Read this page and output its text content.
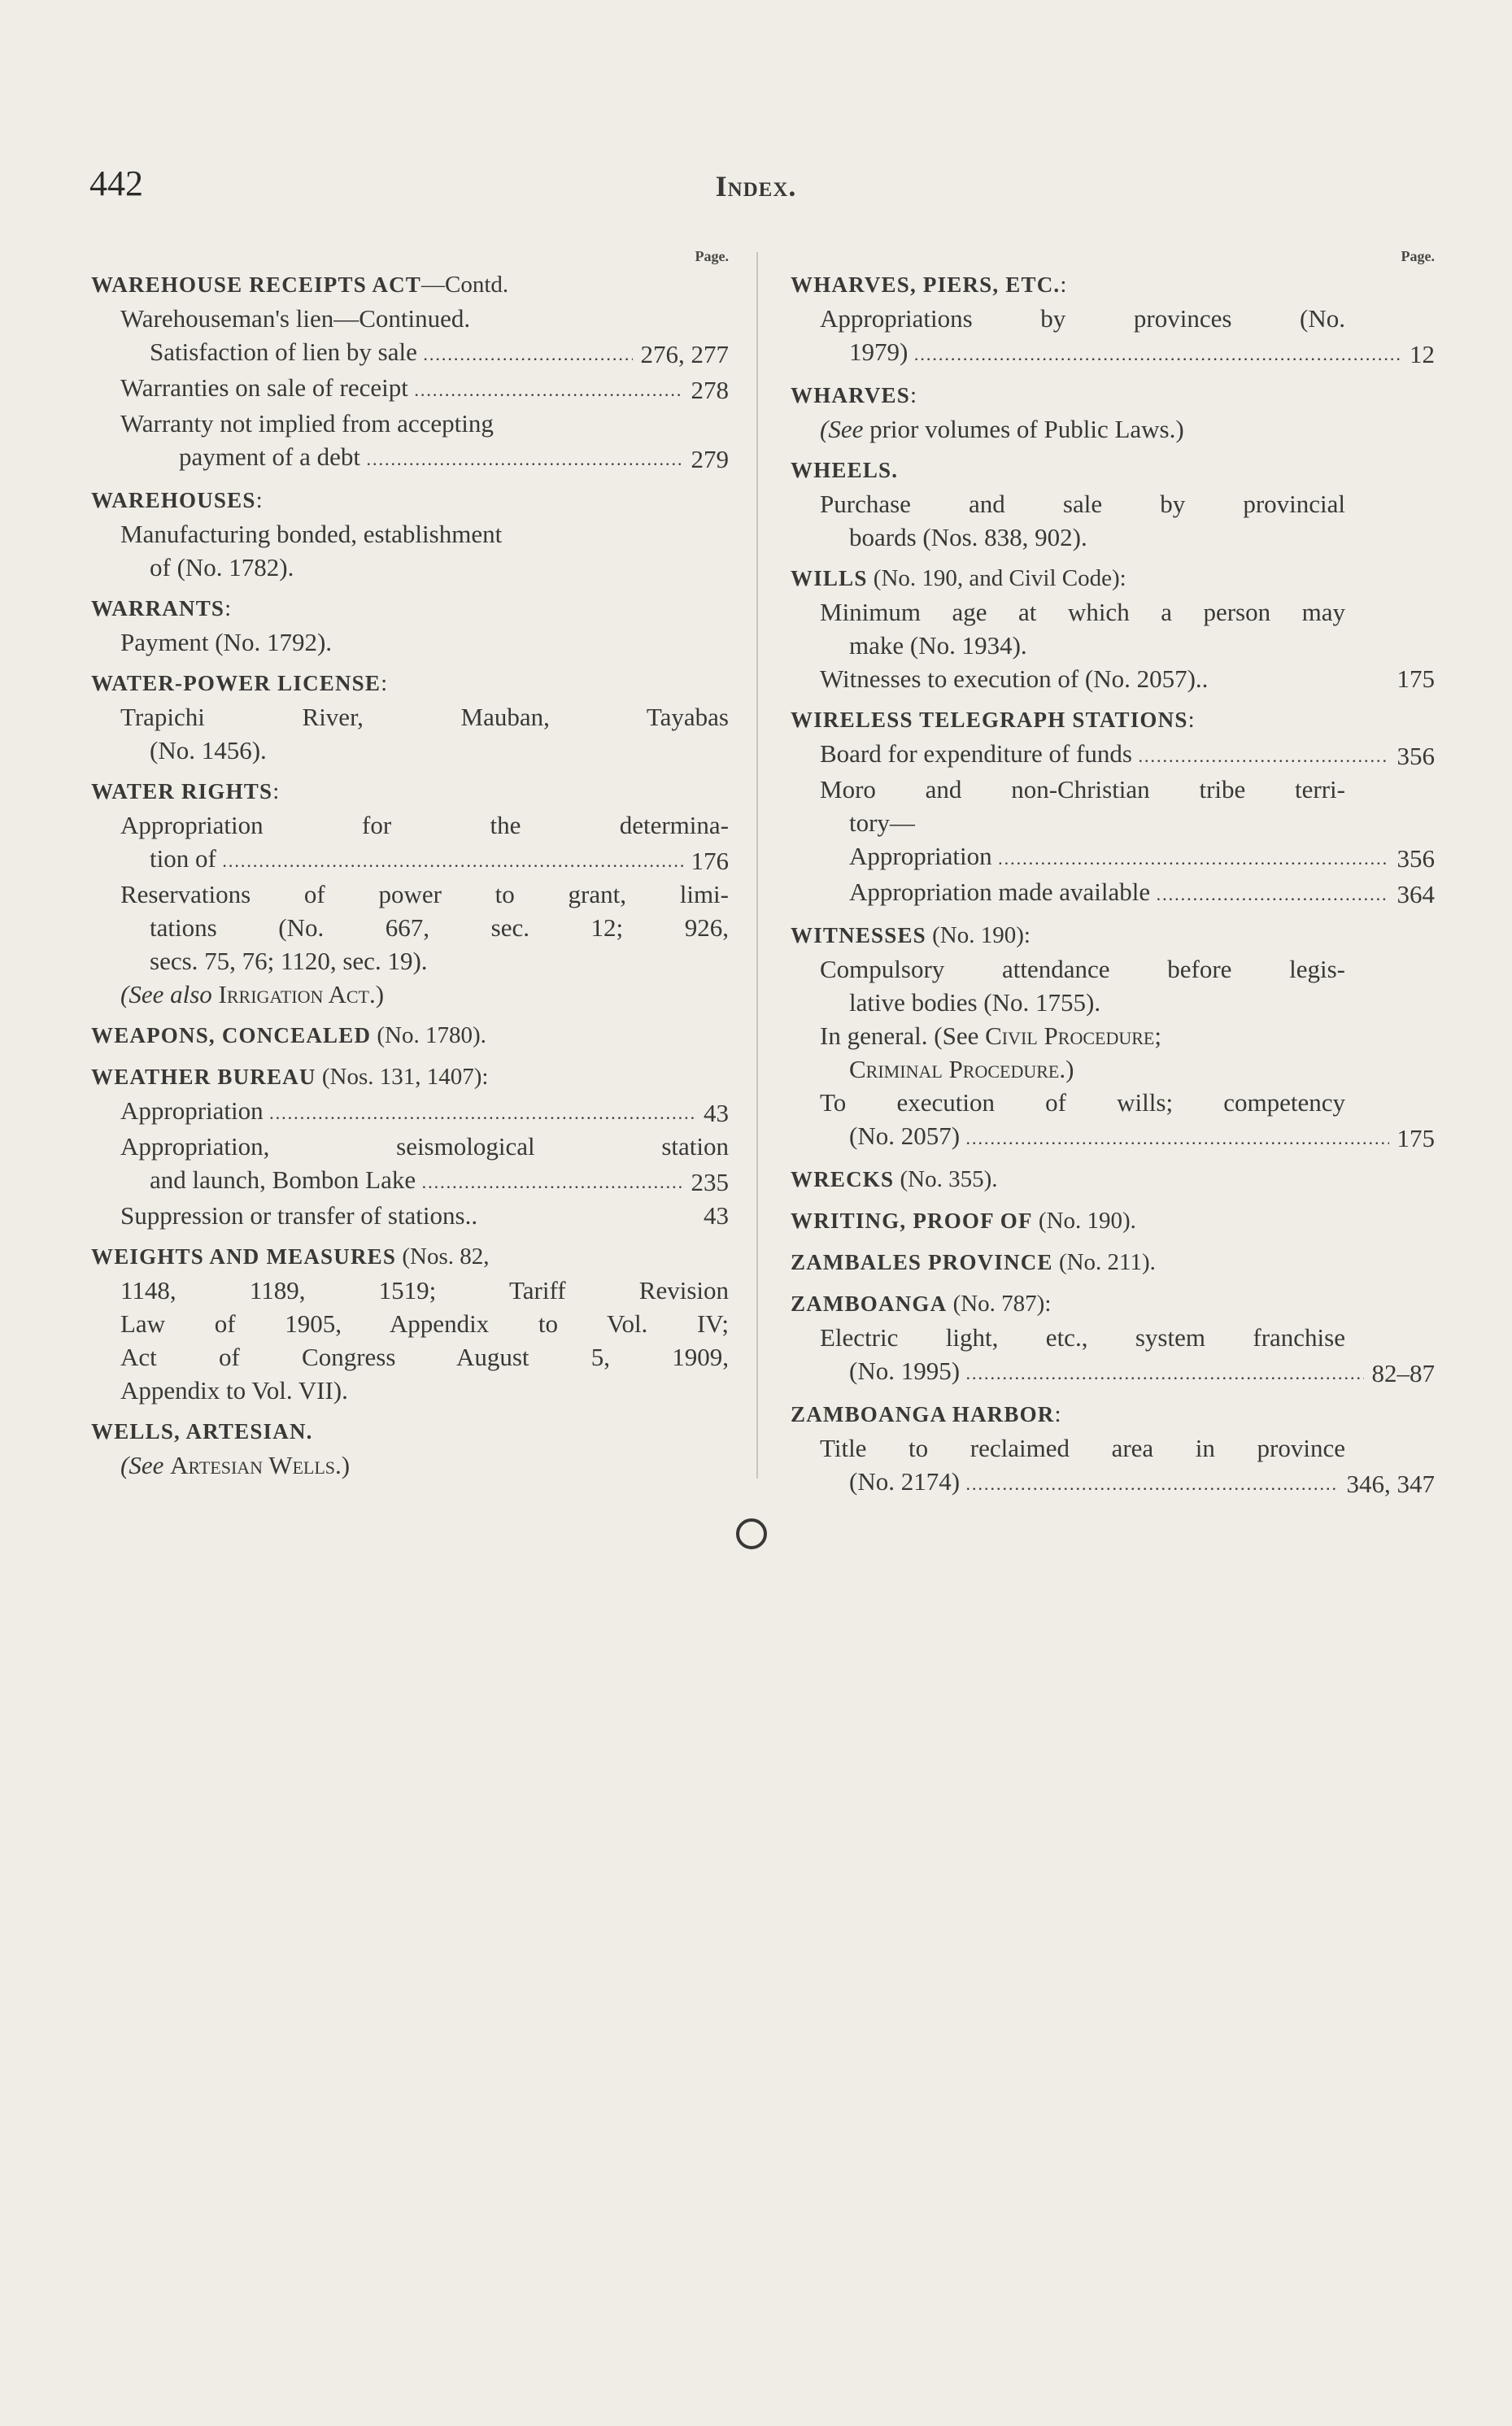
442	Index.
Page.
WAREHOUSE RECEIPTS ACT—Contd.
Warehouseman's lien—Continued.
Satisfaction of lien by sale .....	276, 277
Warranties on sale of receipt .....	278
Warranty not implied from accepting
payment of a debt .....	279
WAREHOUSES:
Manufacturing bonded, establishment
of (No. 1782).
WARRANTS:
Payment (No. 1792).
WATER-POWER LICENSE:
Trapichi River, Mauban, Tayabas
(No. 1456).
WATER RIGHTS:
Appropriation for the determina-
tion of .....	176
Reservations of power to grant, limi-
tations (No. 667, sec. 12; 926,
secs. 75, 76; 1120, sec. 19).
(See also Irrigation Act.)
WEAPONS, CONCEALED (No. 1780).
WEATHER BUREAU (Nos. 131, 1407):
Appropriation .....	43
Appropriation, seismological station
and launch, Bombon Lake .....	235
Suppression or transfer of stations..	43
WEIGHTS AND MEASURES (Nos. 82,
1148, 1189, 1519; Tariff Revision
Law of 1905, Appendix to Vol. IV;
Act of Congress August 5, 1909,
Appendix to Vol. VII).
WELLS, ARTESIAN.
(See Artesian Wells.)
Page.
WHARVES, PIERS, ETC.:
Appropriations by provinces (No.
1979) .....	12
WHARVES:
(See prior volumes of Public Laws.)
WHEELS.
Purchase and sale by provincial
boards (Nos. 838, 902).
WILLS (No. 190, and Civil Code):
Minimum age at which a person may
make (No. 1934).
Witnesses to execution of (No. 2057)..	175
WIRELESS TELEGRAPH STATIONS:
Board for expenditure of funds .....	356
Moro and non-Christian tribe terri-
tory—
Appropriation .....	356
Appropriation made available .....	364
WITNESSES (No. 190):
Compulsory attendance before legis-
lative bodies (No. 1755).
In general. (See Civil Procedure;
Criminal Procedure.)
To execution of wills; competency
(No. 2057) .....	175
WRECKS (No. 355).
WRITING, PROOF OF (No. 190).
ZAMBALES PROVINCE (No. 211).
ZAMBOANGA (No. 787):
Electric light, etc., system franchise
(No. 1995) .....	82–87
ZAMBOANGA HARBOR:
Title to reclaimed area in province
(No. 2174) .....	346, 347
